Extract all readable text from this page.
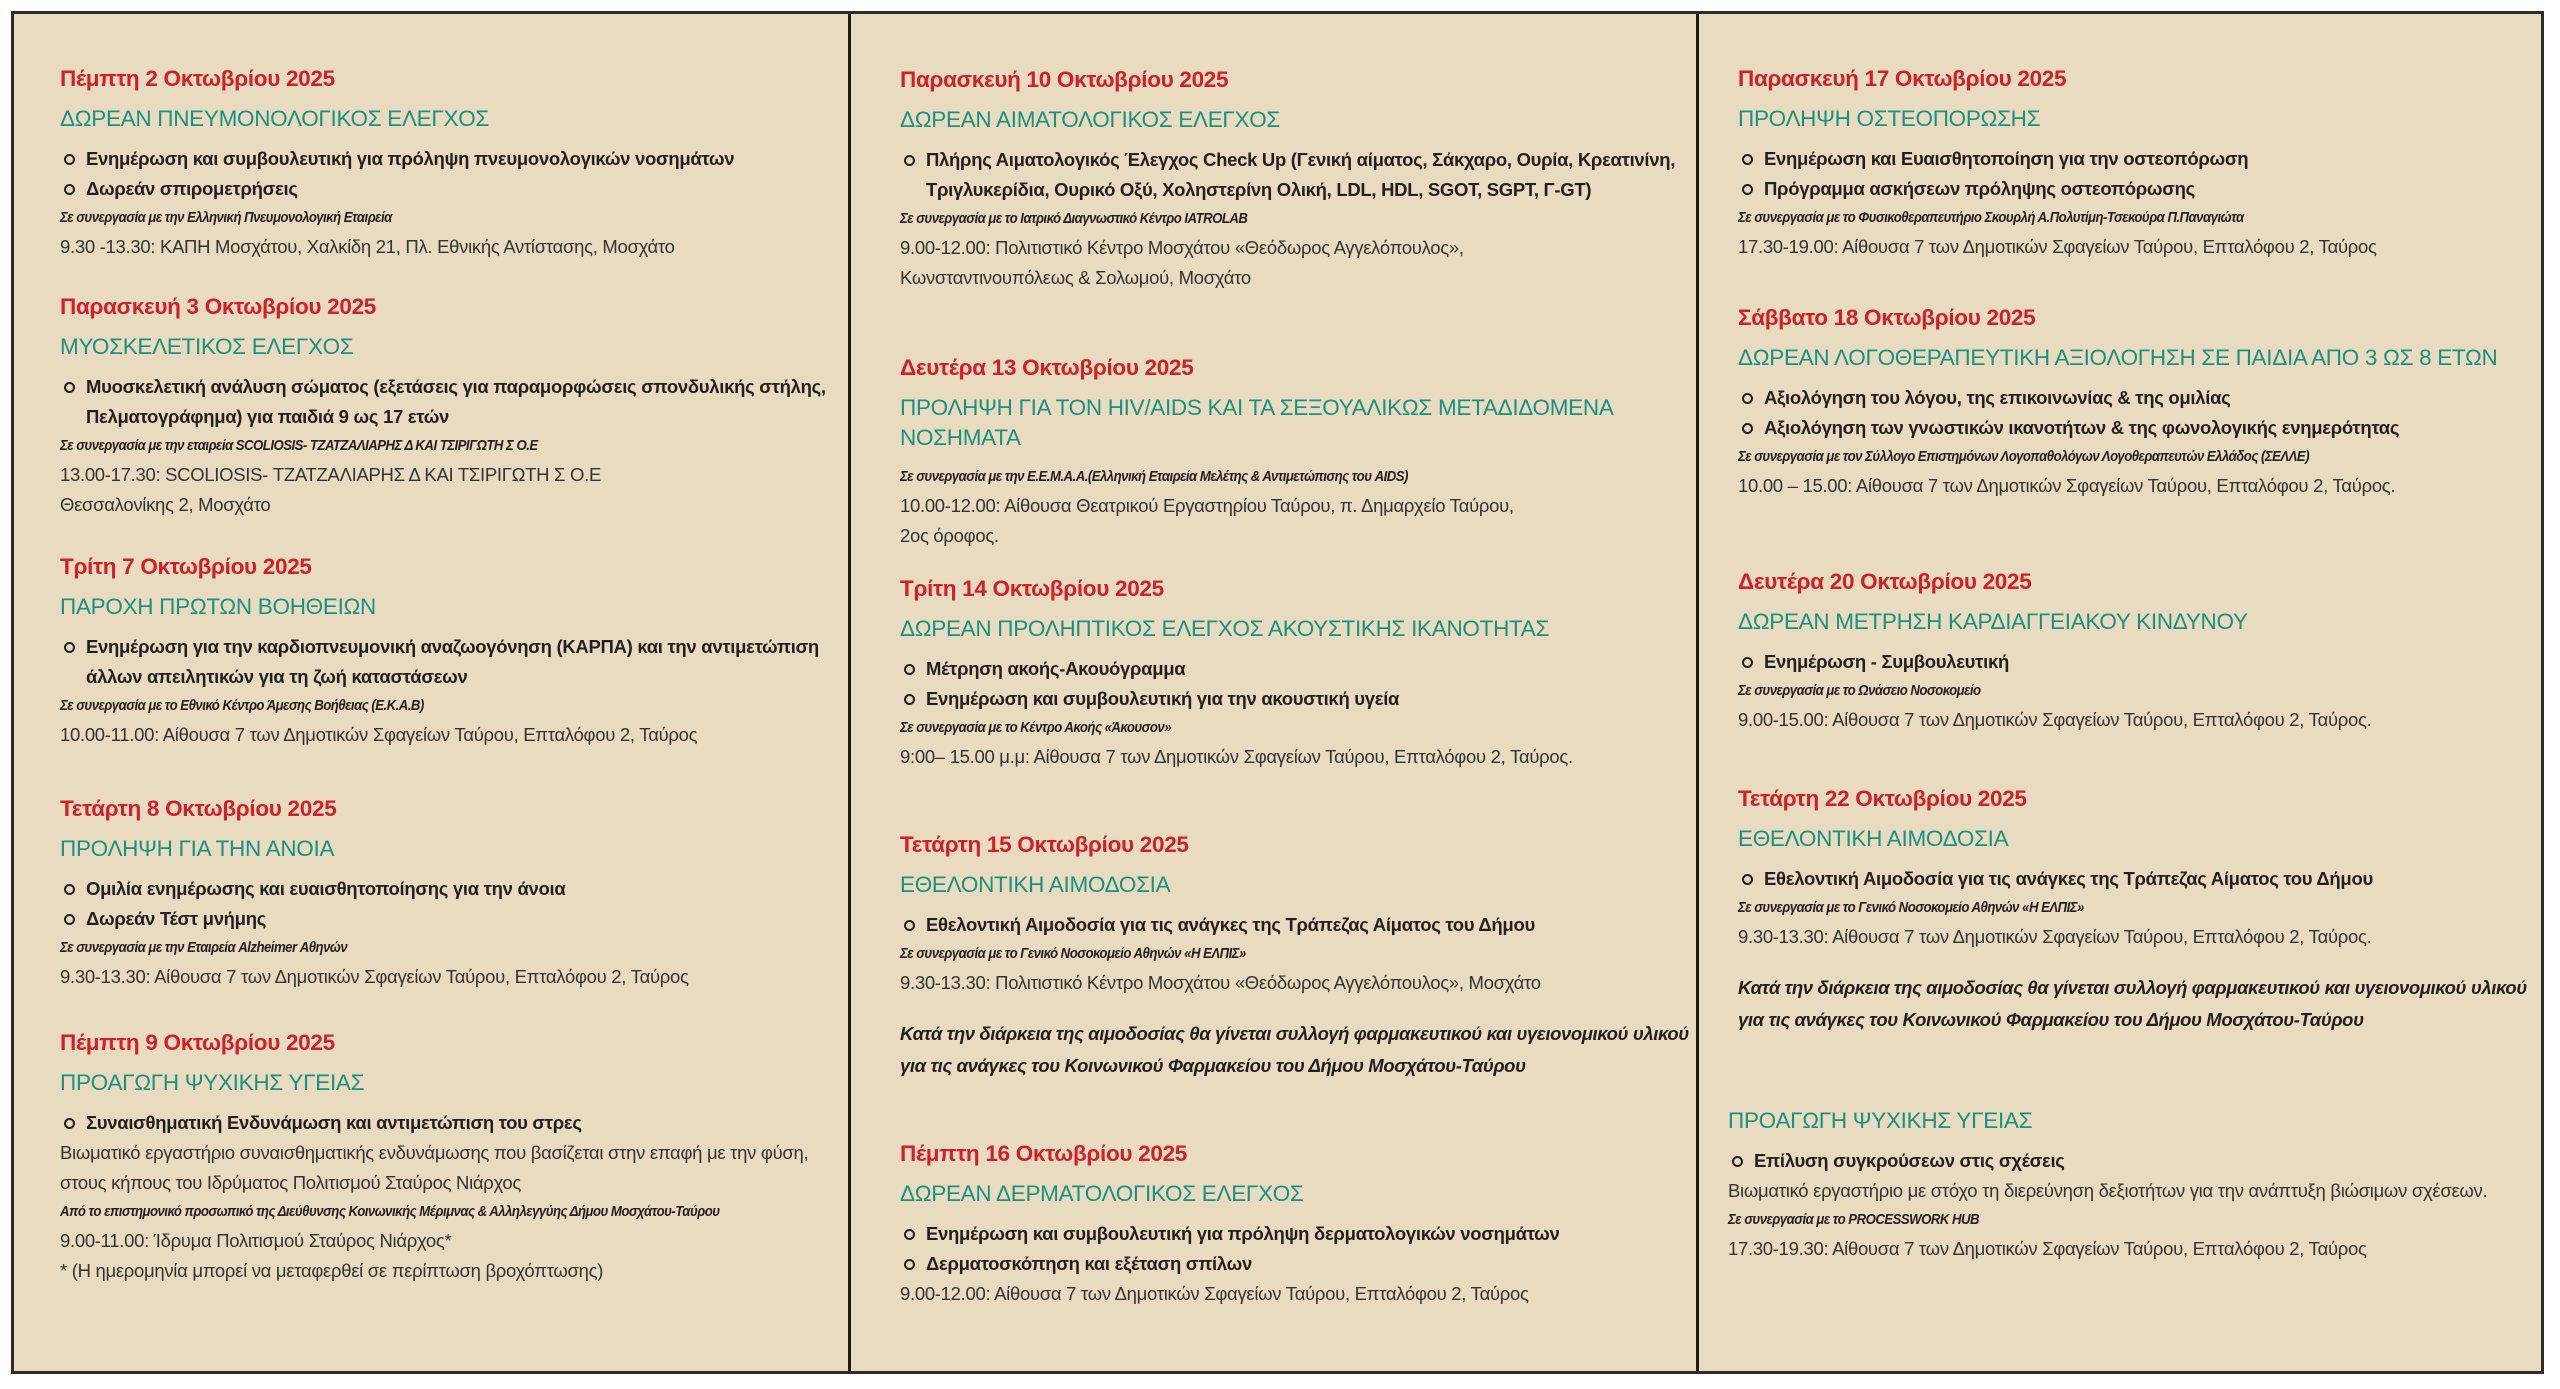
Πέμπτη 2 Οκτωβρίου 2025
ΔΩΡΕΑΝ ΠΝΕΥΜΟΝΟΛΟΓΙΚΟΣ ΕΛΕΓΧΟΣ
Ενημέρωση και συμβουλευτική για πρόληψη πνευμονολογικών νοσημάτων
Δωρεάν σπιρομετρήσεις
Σε συνεργασία με την Ελληνική Πνευμονολογική Εταιρεία
9.30 -13.30: ΚΑΠΗ Μοσχάτου, Χαλκίδη 21, Πλ. Εθνικής Αντίστασης, Μοσχάτο
Παρασκευή 3 Οκτωβρίου 2025
ΜΥΟΣΚΕΛΕΤΙΚΟΣ ΕΛΕΓΧΟΣ
Μυοσκελετική ανάλυση σώματος (εξετάσεις για παραμορφώσεις σπονδυλικής στήλης, Πελματογράφημα) για παιδιά 9 ως 17 ετών
Σε συνεργασία με την εταιρεία SCOLIOSIS- ΤΖΑΤΖΑΛΙΑΡΗΣ Δ ΚΑΙ ΤΣΙΡΙΓΩΤΗ Σ Ο.Ε
13.00-17.30: SCOLIOSIS- ΤΖΑΤΖΑΛΙΑΡΗΣ Δ ΚΑΙ ΤΣΙΡΙΓΩΤΗ Σ Ο.Ε
Θεσσαλονίκης 2, Μοσχάτο
Τρίτη 7 Οκτωβρίου 2025
ΠΑΡΟΧΗ ΠΡΩΤΩΝ ΒΟΗΘΕΙΩΝ
Ενημέρωση για την καρδιοπνευμονική αναζωογόνηση (ΚΑΡΠΑ) και την αντιμετώπιση άλλων απειλητικών για τη ζωή καταστάσεων
Σε συνεργασία με το Εθνικό Κέντρο Άμεσης Βοήθειας (Ε.Κ.Α.Β)
10.00-11.00: Αίθουσα 7 των Δημοτικών Σφαγείων Ταύρου, Επταλόφου 2, Ταύρος
Τετάρτη 8 Οκτωβρίου 2025
ΠΡΟΛΗΨΗ ΓΙΑ ΤΗΝ ΑΝΟΙΑ
Ομιλία ενημέρωσης και ευαισθητοποίησης για την άνοια
Δωρεάν Τέστ μνήμης
Σε συνεργασία με την Εταιρεία Alzheimer Αθηνών
9.30-13.30: Αίθουσα 7 των Δημοτικών Σφαγείων Ταύρου, Επταλόφου 2, Ταύρος
Πέμπτη 9 Οκτωβρίου 2025
ΠΡΟΑΓΩΓΗ ΨΥΧΙΚΗΣ ΥΓΕΙΑΣ
Συναισθηματική Ενδυνάμωση και αντιμετώπιση του στρες
Βιωματικό εργαστήριο συναισθηματικής ενδυνάμωσης που βασίζεται στην επαφή με την φύση, στους κήπους του Ιδρύματος Πολιτισμού Σταύρος Νιάρχος
Από το επιστημονικό προσωπικό της Διεύθυνσης Κοινωνικής Μέριμνας & Αλληλεγγύης Δήμου Μοσχάτου-Ταύρου
9.00-11.00: Ίδρυμα Πολιτισμού Σταύρος Νιάρχος*
* (Η ημερομηνία μπορεί να μεταφερθεί σε περίπτωση βροχόπτωσης)
Παρασκευή 10 Οκτωβρίου 2025
ΔΩΡΕΑΝ ΑΙΜΑΤΟΛΟΓΙΚΟΣ ΕΛΕΓΧΟΣ
Πλήρης Αιματολογικός Έλεγχος Check Up (Γενική αίματος, Σάκχαρο, Ουρία, Κρεατινίνη, Τριγλυκερίδια, Ουρικό Οξύ, Χοληστερίνη Ολική, LDL, HDL, SGOT, SGPT, Γ-GT)
Σε συνεργασία με το Ιατρικό Διαγνωστικό Κέντρο IATROLAB
9.00-12.00: Πολιτιστικό Κέντρο Μοσχάτου «Θεόδωρος Αγγελόπουλος»,
Κωνσταντινουπόλεως & Σολωμού, Μοσχάτο
Δευτέρα 13 Οκτωβρίου 2025
ΠΡΟΛΗΨΗ ΓΙΑ ΤΟΝ HIV/AIDS ΚΑΙ ΤΑ ΣΕΞΟΥΑΛΙΚΩΣ ΜΕΤΑΔΙΔΟΜΕΝΑ ΝΟΣΗΜΑΤΑ
Σε συνεργασία με την Ε.Ε.Μ.Α.Α.(Ελληνική Εταιρεία Μελέτης & Αντιμετώπισης του AIDS)
10.00-12.00: Αίθουσα Θεατρικού Εργαστηρίου Ταύρου, π. Δημαρχείο Ταύρου,
2ος όροφος.
Τρίτη 14 Οκτωβρίου 2025
ΔΩΡΕΑΝ ΠΡΟΛΗΠΤΙΚΟΣ ΕΛΕΓΧΟΣ ΑΚΟΥΣΤΙΚΗΣ ΙΚΑΝΟΤΗΤΑΣ
Μέτρηση ακοής-Ακουόγραμμα
Ενημέρωση και συμβουλευτική για την ακουστική υγεία
Σε συνεργασία με το Κέντρο Ακοής «Άκουσον»
9:00– 15.00 μ.μ: Αίθουσα 7 των Δημοτικών Σφαγείων Ταύρου, Επταλόφου 2, Ταύρος.
Τετάρτη 15 Οκτωβρίου 2025
ΕΘΕΛΟΝΤΙΚΗ ΑΙΜΟΔΟΣΙΑ
Εθελοντική Αιμοδοσία για τις ανάγκες της Τράπεζας Αίματος του Δήμου
Σε συνεργασία με το Γενικό Νοσοκομείο Αθηνών «Η ΕΛΠΙΣ»
9.30-13.30: Πολιτιστικό Κέντρο Μοσχάτου «Θεόδωρος Αγγελόπουλος», Μοσχάτο
Κατά την διάρκεια της αιμοδοσίας θα γίνεται συλλογή φαρμακευτικού και υγειονομικού υλικού για τις ανάγκες του Κοινωνικού Φαρμακείου του Δήμου Μοσχάτου-Ταύρου
Πέμπτη 16 Οκτωβρίου 2025
ΔΩΡΕΑΝ ΔΕΡΜΑΤΟΛΟΓΙΚΟΣ ΕΛΕΓΧΟΣ
Ενημέρωση και συμβουλευτική για πρόληψη δερματολογικών νοσημάτων
Δερματοσκόπηση και εξέταση σπίλων
9.00-12.00: Αίθουσα 7 των Δημοτικών Σφαγείων Ταύρου, Επταλόφου 2, Ταύρος
Παρασκευή 17 Οκτωβρίου 2025
ΠΡΟΛΗΨΗ ΟΣΤΕΟΠΟΡΩΣΗΣ
Ενημέρωση και Ευαισθητοποίηση για την οστεοπόρωση
Πρόγραμμα ασκήσεων πρόληψης οστεοπόρωσης
Σε συνεργασία με το Φυσικοθεραπευτήριο Σκουρλή Α.Πολυτίμη-Τσεκούρα Π.Παναγιώτα
17.30-19.00: Αίθουσα 7 των Δημοτικών Σφαγείων Ταύρου, Επταλόφου 2, Ταύρος
Σάββατο 18 Οκτωβρίου 2025
ΔΩΡΕΑΝ ΛΟΓΟΘΕΡΑΠΕΥΤΙΚΗ ΑΞΙΟΛΟΓΗΣΗ ΣΕ ΠΑΙΔΙΑ ΑΠΟ 3 ΩΣ 8 ΕΤΩΝ
Αξιολόγηση του λόγου, της επικοινωνίας & της ομιλίας
Αξιολόγηση των γνωστικών ικανοτήτων & της φωνολογικής ενημερότητας
Σε συνεργασία με τον Σύλλογο Επιστημόνων Λογοπαθολόγων Λογοθεραπευτών Ελλάδος (ΣΕΛΛΕ)
10.00 – 15.00: Αίθουσα 7 των Δημοτικών Σφαγείων Ταύρου, Επταλόφου 2, Ταύρος.
Δευτέρα 20 Οκτωβρίου 2025
ΔΩΡΕΑΝ ΜΕΤΡΗΣΗ ΚΑΡΔΙΑΓΓΕΙΑΚΟΥ ΚΙΝΔΥΝΟΥ
Ενημέρωση - Συμβουλευτική
Σε συνεργασία με το Ωνάσειο Νοσοκομείο
9.00-15.00: Αίθουσα 7 των Δημοτικών Σφαγείων Ταύρου, Επταλόφου 2, Ταύρος.
Τετάρτη 22 Οκτωβρίου 2025
ΕΘΕΛΟΝΤΙΚΗ ΑΙΜΟΔΟΣΙΑ
Εθελοντική Αιμοδοσία για τις ανάγκες της Τράπεζας Αίματος του Δήμου
Σε συνεργασία με το Γενικό Νοσοκομείο Αθηνών «Η ΕΛΠΙΣ»
9.30-13.30: Αίθουσα 7 των Δημοτικών Σφαγείων Ταύρου, Επταλόφου 2, Ταύρος.
Κατά την διάρκεια της αιμοδοσίας θα γίνεται συλλογή φαρμακευτικού και υγειονομικού υλικού για τις ανάγκες του Κοινωνικού Φαρμακείου του Δήμου Μοσχάτου-Ταύρου
ΠΡΟΑΓΩΓΗ ΨΥΧΙΚΗΣ ΥΓΕΙΑΣ
Επίλυση συγκρούσεων στις σχέσεις
Βιωματικό εργαστήριο με στόχο τη διερεύνηση δεξιοτήτων για την ανάπτυξη βιώσιμων σχέσεων.
Σε συνεργασία με το PROCESSWORK HUB
17.30-19.30: Αίθουσα 7 των Δημοτικών Σφαγείων Ταύρου, Επταλόφου 2, Ταύρος
